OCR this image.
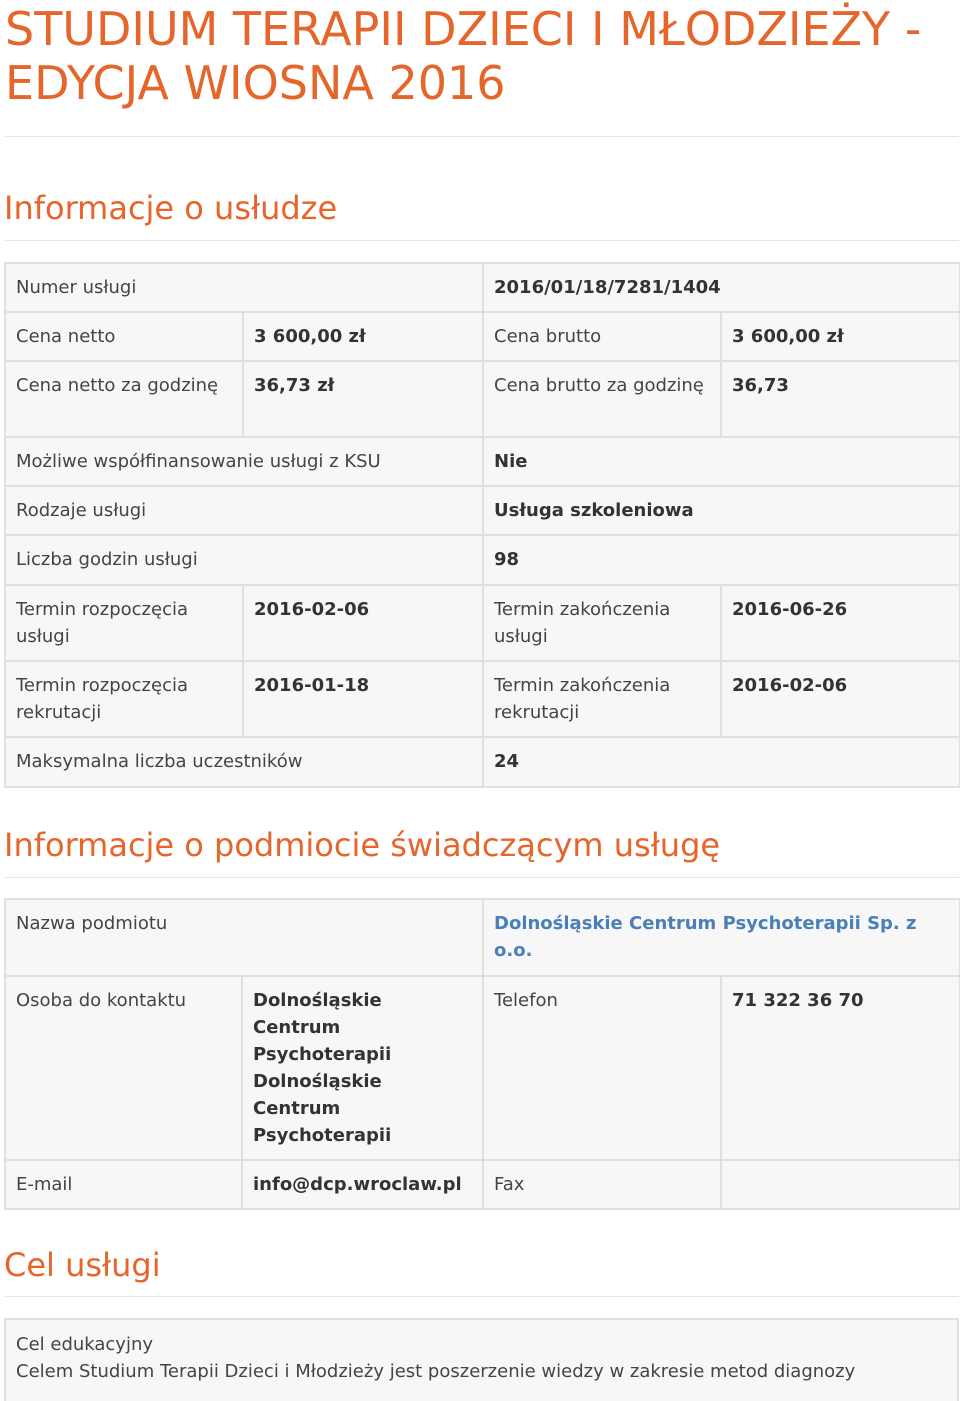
STUDIUM TERAPII DZIECI I MŁODZIEŻY - EDYCJA WIOSNA 2016
Informacje o usłudze
Numer usługi		2016/01/18/7281/1404	
Cena netto	3 600,00 zł	Cena brutto	3 600,00 zł
Cena netto za godzinę	36,73 zł	Cena brutto za godzinę	36,73
Możliwe współfinansowanie usługi z KSU		Nie	
Rodzaje usługi		Usługa szkoleniowa	
Liczba godzin usługi		98	
Termin rozpoczęcia usługi	2016-02-06	Termin zakończenia usługi	2016-06-26
Termin rozpoczęcia rekrutacji	2016-01-18	Termin zakończenia rekrutacji	2016-02-06
Maksymalna liczba uczestników		24	
Informacje o podmiocie świadczącym usługę
Nazwa podmiotu		Dolnośląskie Centrum Psychoterapii Sp. z o.o.	
Osoba do kontaktu	Dolnośląskie Centrum Psychoterapii Dolnośląskie Centrum Psychoterapii	Telefon	71 322 36 70
E-mail	info@dcp.wroclaw.pl	Fax	
Cel usługi
Cel edukacyjny
Celem Studium Terapii Dzieci i Młodzieży jest poszerzenie wiedzy w zakresie metod diagnozy
